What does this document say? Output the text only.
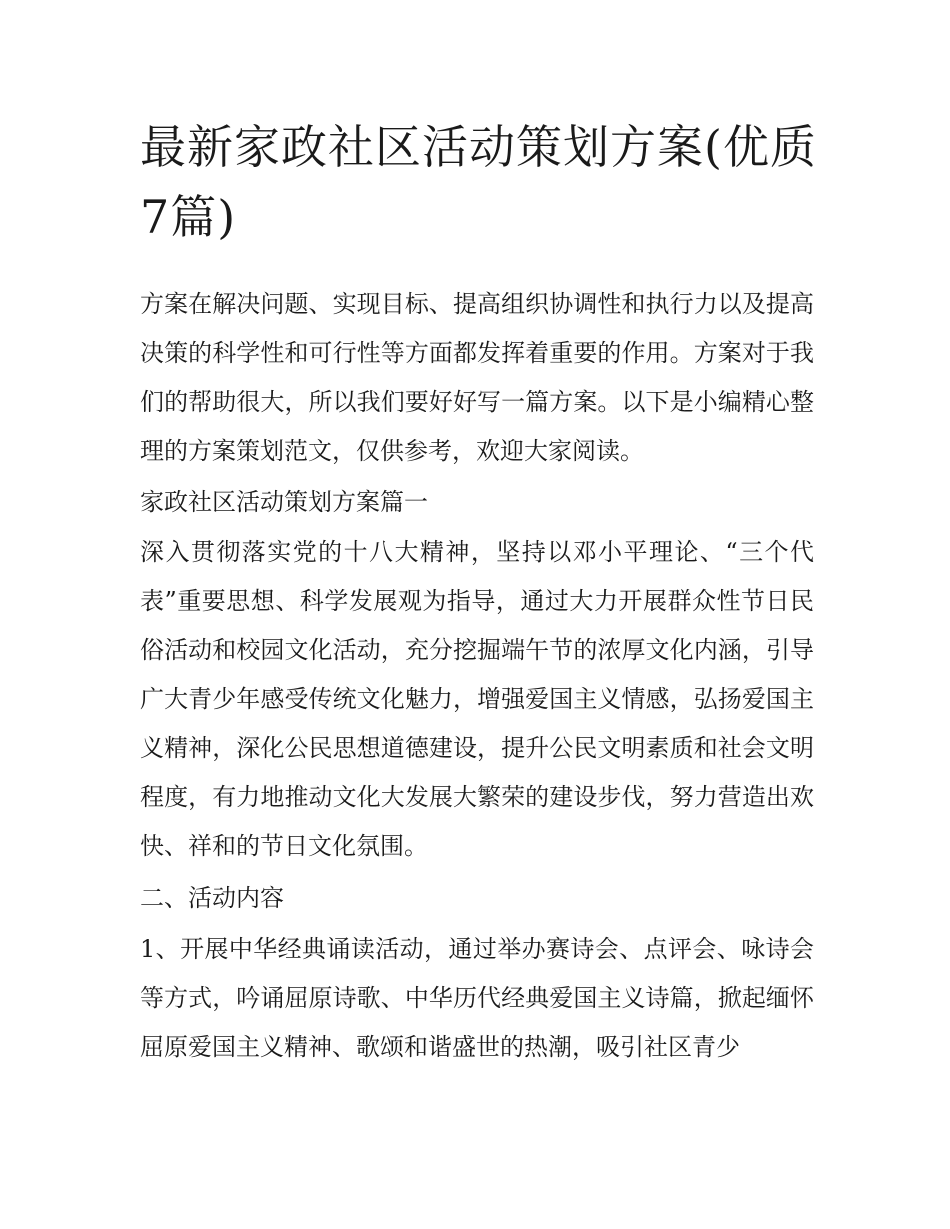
最新家政社区活动策划方案(优质7篇)

方案在解决问题、实现目标、提高组织协调性和执行力以及提高决策的科学性和可行性等方面都发挥着重要的作用。方案对于我们的帮助很大，所以我们要好好写一篇方案。以下是小编精心整理的方案策划范文，仅供参考，欢迎大家阅读。

家政社区活动策划方案篇一

深入贯彻落实党的十八大精神，坚持以邓小平理论、“三个代表”重要思想、科学发展观为指导，通过大力开展群众性节日民俗活动和校园文化活动，充分挖掘端午节的浓厚文化内涵，引导广大青少年感受传统文化魅力，增强爱国主义情感，弘扬爱国主义精神，深化公民思想道德建设，提升公民文明素质和社会文明程度，有力地推动文化大发展大繁荣的建设步伐，努力营造出欢快、祥和的节日文化氛围。

二、活动内容

1、开展中华经典诵读活动，通过举办赛诗会、点评会、咏诗会等方式，吟诵屈原诗歌、中华历代经典爱国主义诗篇，掀起缅怀屈原爱国主义精神、歌颂和谐盛世的热潮，吸引社区青少
